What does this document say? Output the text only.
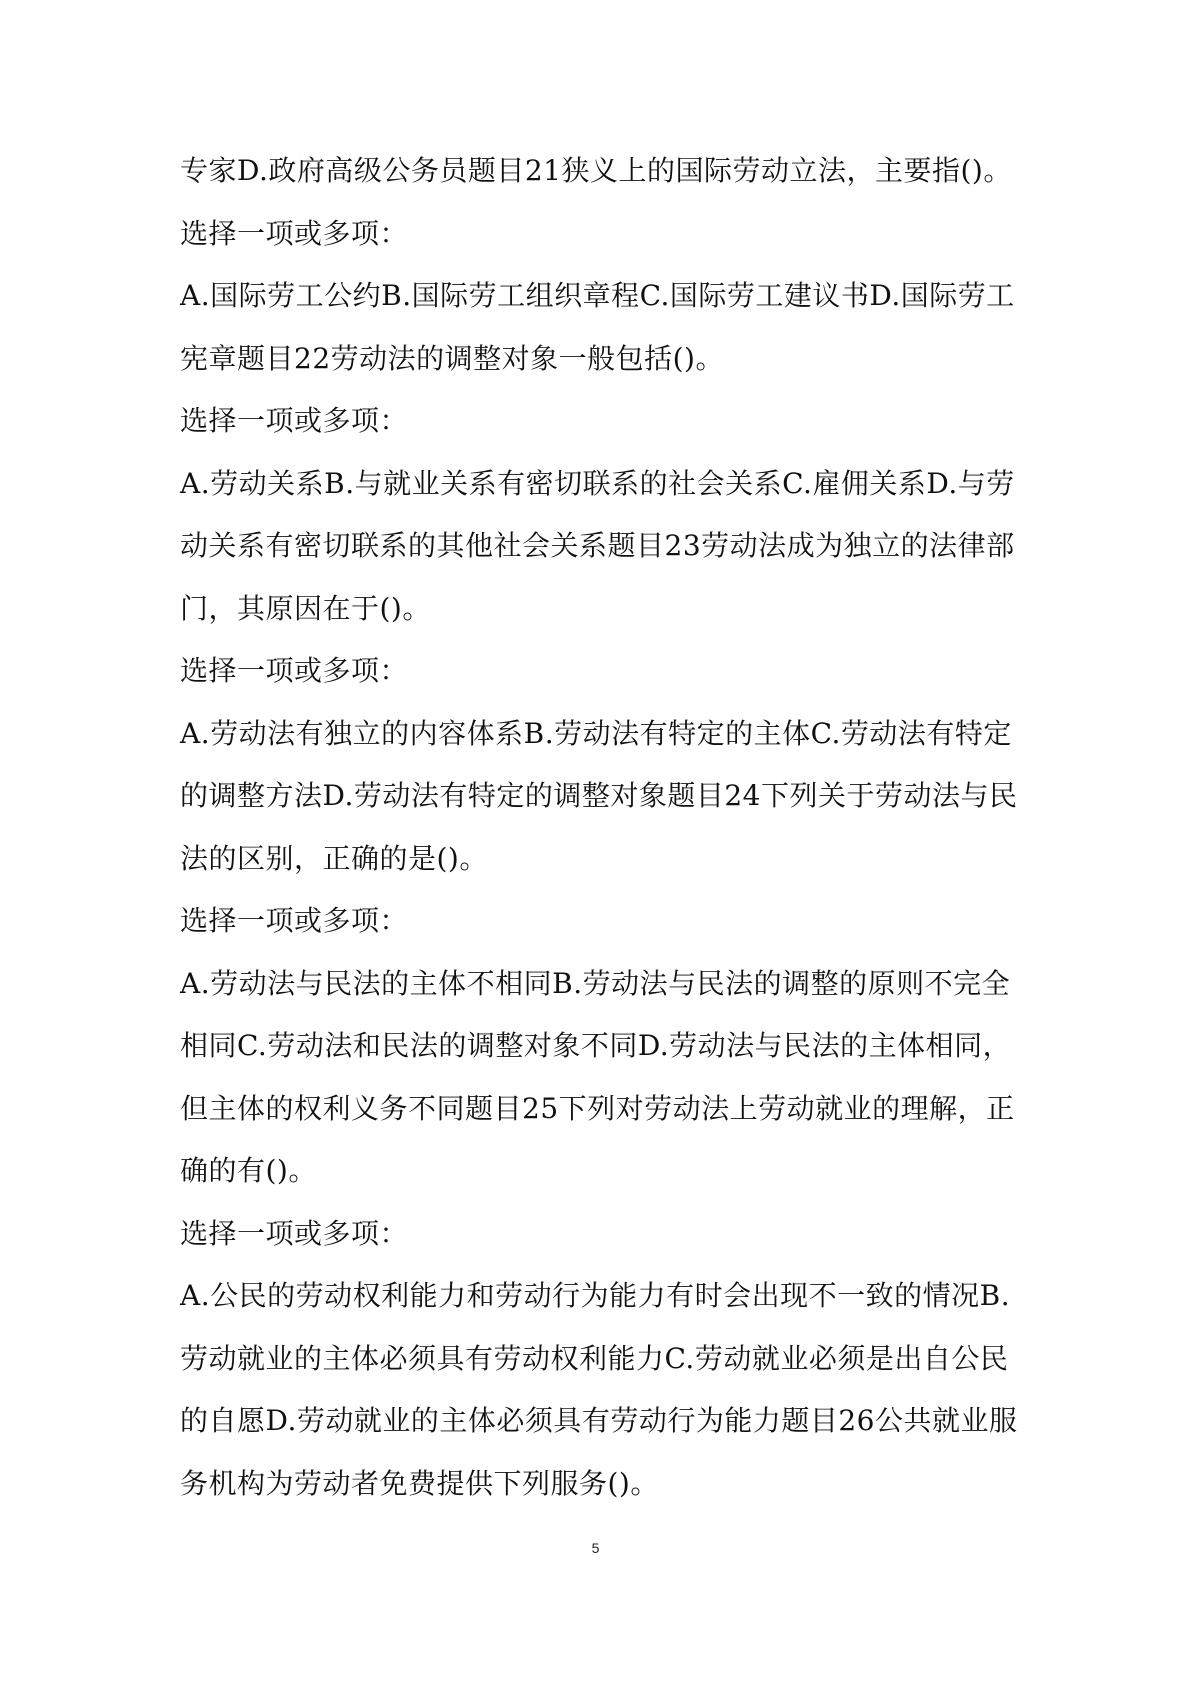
专家D.政府高级公务员题目21狭义上的国际劳动立法，主要指()。
选择一项或多项：
A.国际劳工公约B.国际劳工组织章程C.国际劳工建议书D.国际劳工
宪章题目22劳动法的调整对象一般包括()。
选择一项或多项：
A.劳动关系B.与就业关系有密切联系的社会关系C.雇佣关系D.与劳
动关系有密切联系的其他社会关系题目23劳动法成为独立的法律部
门，其原因在于()。
选择一项或多项：
A.劳动法有独立的内容体系B.劳动法有特定的主体C.劳动法有特定
的调整方法D.劳动法有特定的调整对象题目24下列关于劳动法与民
法的区别，正确的是()。
选择一项或多项：
A.劳动法与民法的主体不相同B.劳动法与民法的调整的原则不完全
相同C.劳动法和民法的调整对象不同D.劳动法与民法的主体相同，
但主体的权利义务不同题目25下列对劳动法上劳动就业的理解，正
确的有()。
选择一项或多项：
A.公民的劳动权利能力和劳动行为能力有时会出现不一致的情况B.
劳动就业的主体必须具有劳动权利能力C.劳动就业必须是出自公民
的自愿D.劳动就业的主体必须具有劳动行为能力题目26公共就业服
务机构为劳动者免费提供下列服务()。
5
